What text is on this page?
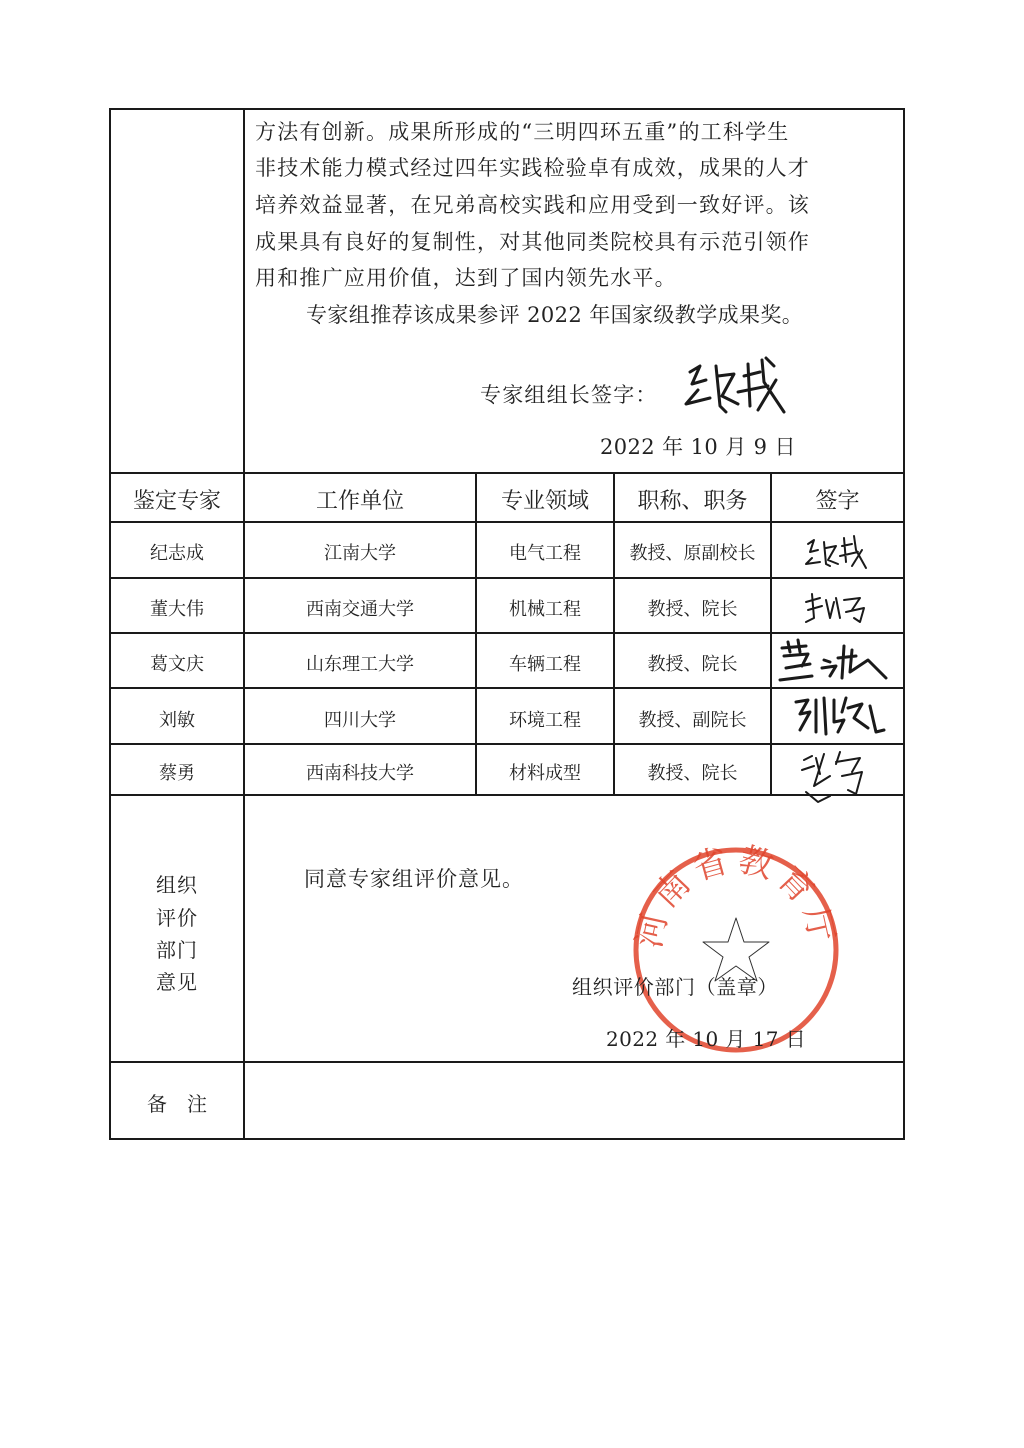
方法有创新。成果所形成的“三明四环五重”的工科学生
非技术能力模式经过四年实践检验卓有成效，成果的人才
培养效益显著，在兄弟高校实践和应用受到一致好评。该
成果具有良好的复制性，对其他同类院校具有示范引领作
用和推广应用价值，达到了国内领先水平。
专家组推荐该成果参评 2022 年国家级教学成果奖。
专家组组长签字：
2022 年 10 月 9 日
鉴定专家	工作单位	专业领域	职称、职务	签字
纪志成	江南大学	电气工程	教授、原副校长
董大伟	西南交通大学	机械工程	教授、院长
葛文庆	山东理工大学	车辆工程	教授、院长
刘敏	四川大学	环境工程	教授、副院长
蔡勇	西南科技大学	材料成型	教授、院长
组织
评价
部门
意见
同意专家组评价意见。
河南省教育厅
组织评价部门（盖章）
2022 年 10 月 17 日
备　注
